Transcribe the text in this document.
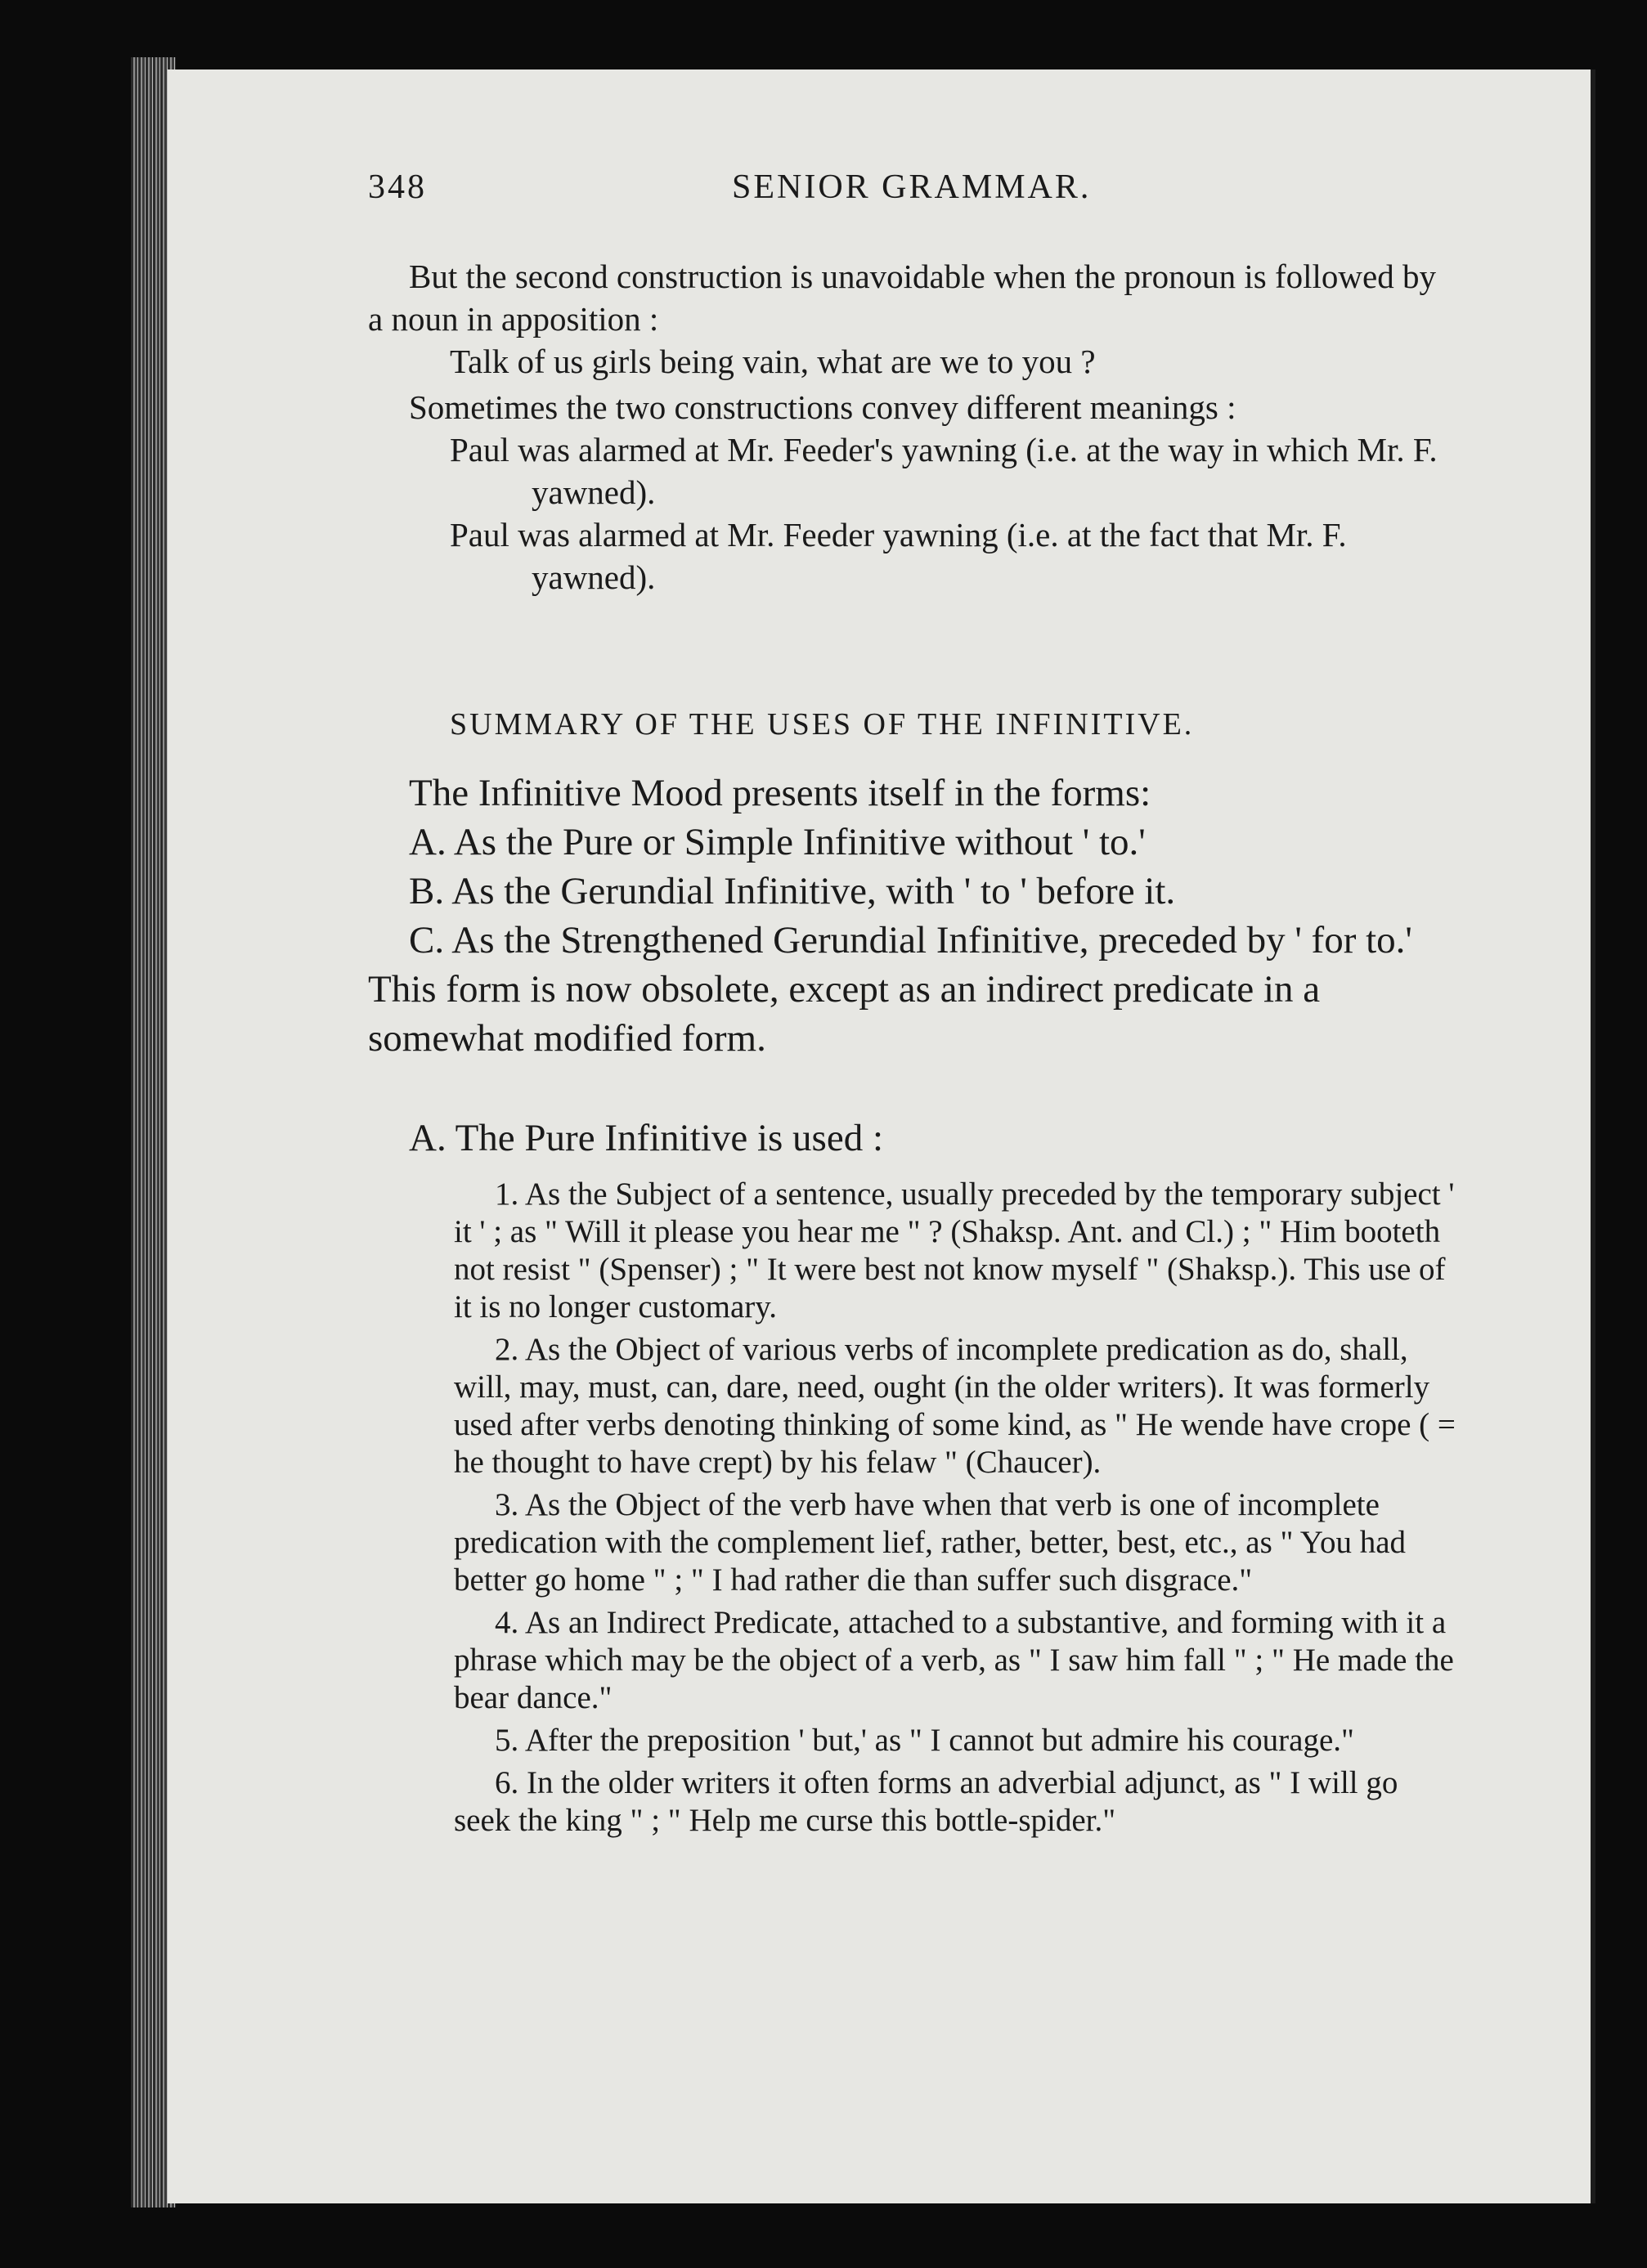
348	SENIOR GRAMMAR.

But the second construction is unavoidable when the pronoun is followed by a noun in apposition :

Talk of us girls being vain, what are we to you ?

Sometimes the two constructions convey different meanings :

Paul was alarmed at Mr. Feeder's yawning (i.e. at the way in which Mr. F. yawned).

Paul was alarmed at Mr. Feeder yawning (i.e. at the fact that Mr. F. yawned).

SUMMARY OF THE USES OF THE INFINITIVE.

The Infinitive Mood presents itself in the forms:

A. As the Pure or Simple Infinitive without ' to.'

B. As the Gerundial Infinitive, with ' to ' before it.

C. As the Strengthened Gerundial Infinitive, preceded by ' for to.' This form is now obsolete, except as an indirect predicate in a somewhat modified form.

A. The Pure Infinitive is used :

1. As the Subject of a sentence, usually preceded by the temporary subject ' it ' ; as " Will it please you hear me " ? (Shaksp. Ant. and Cl.) ; " Him booteth not resist " (Spenser) ; " It were best not know myself " (Shaksp.). This use of it is no longer customary.

2. As the Object of various verbs of incomplete predication as do, shall, will, may, must, can, dare, need, ought (in the older writers). It was formerly used after verbs denoting thinking of some kind, as " He wende have crope ( = he thought to have crept) by his felaw " (Chaucer).

3. As the Object of the verb have when that verb is one of incomplete predication with the complement lief, rather, better, best, etc., as " You had better go home " ; " I had rather die than suffer such disgrace."

4. As an Indirect Predicate, attached to a substantive, and forming with it a phrase which may be the object of a verb, as " I saw him fall " ; " He made the bear dance."

5. After the preposition ' but,' as " I cannot but admire his courage."

6. In the older writers it often forms an adverbial adjunct, as " I will go seek the king " ; " Help me curse this bottle-spider."
